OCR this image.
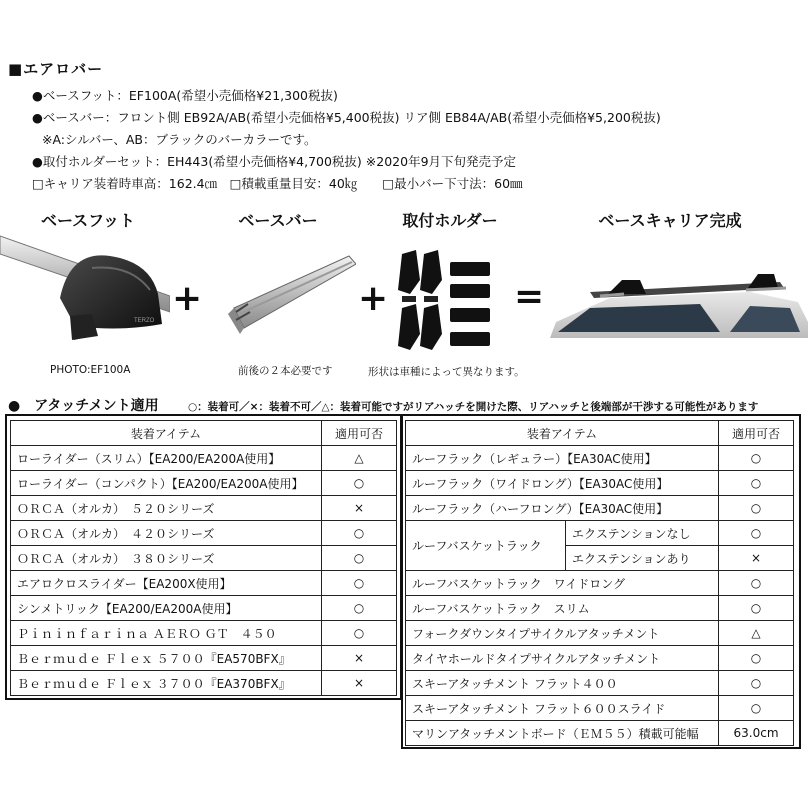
■エアロバー
●ベースフット：EF100A(希望小売価格¥21,300税抜)
●ベースバー：フロント側 EB92A/AB(希望小売価格¥5,400税抜) リア側 EB84A/AB(希望小売価格¥5,200税抜)
※A:シルバー、AB：ブラックのバーカラーです。
●取付ホルダーセット：EH443(希望小売価格¥4,700税抜) ※2020年9月下旬発売予定
□キャリア装着時車高：162.4㎝　□積載重量目安：40㎏　　□最小バー下寸法：60㎜
ベースフット	ベースバー	取付ホルダー	ベースキャリア完成
TERZO
PHOTO:EF100A
+
前後の２本必要です
+
形状は車種によって異なります。
=
●　アタッチメント適用	○：装着可／×：装着不可／△：装着可能ですがリアハッチを開けた際、リアハッチと後端部が干渉する可能性があります
装着アイテム	適用可否
ローライダー（スリム）【EA200/EA200A使用】	△
ローライダー（コンパクト）【EA200/EA200A使用】	○
ＯＲＣＡ（オルカ）　５２０シリーズ	×
ＯＲＣＡ（オルカ）　４２０シリーズ	○
ＯＲＣＡ（オルカ）　３８０シリーズ	○
エアロクロスライダー【EA200X使用】	○
シンメトリック【EA200/EA200A使用】	○
Ｐｉｎｉｎｆａｒｉｎａ ＡＥＲＯ ＧＴ　４５０	○
Ｂｅｒｍｕｄｅ Ｆｌｅｘ ５７００『EA570BFX』	×
Ｂｅｒｍｕｄｅ Ｆｌｅｘ ３７００『EA370BFX』	×
装着アイテム		適用可否
ルーフラック（レギュラー）【EA30AC使用】		○
ルーフラック（ワイドロング）【EA30AC使用】		○
ルーフラック（ハーフロング）【EA30AC使用】		○
ルーフバスケットラック	エクステンションなし	○
	エクステンションあり	×
ルーフバスケットラック　ワイドロング		○
ルーフバスケットラック　スリム		○
フォークダウンタイプサイクルアタッチメント		△
タイヤホールドタイプサイクルアタッチメント		○
スキーアタッチメント フラット４００		○
スキーアタッチメント フラット６００スライド		○
マリンアタッチメントボード（ＥＭ５５）積載可能幅		63.0cm
